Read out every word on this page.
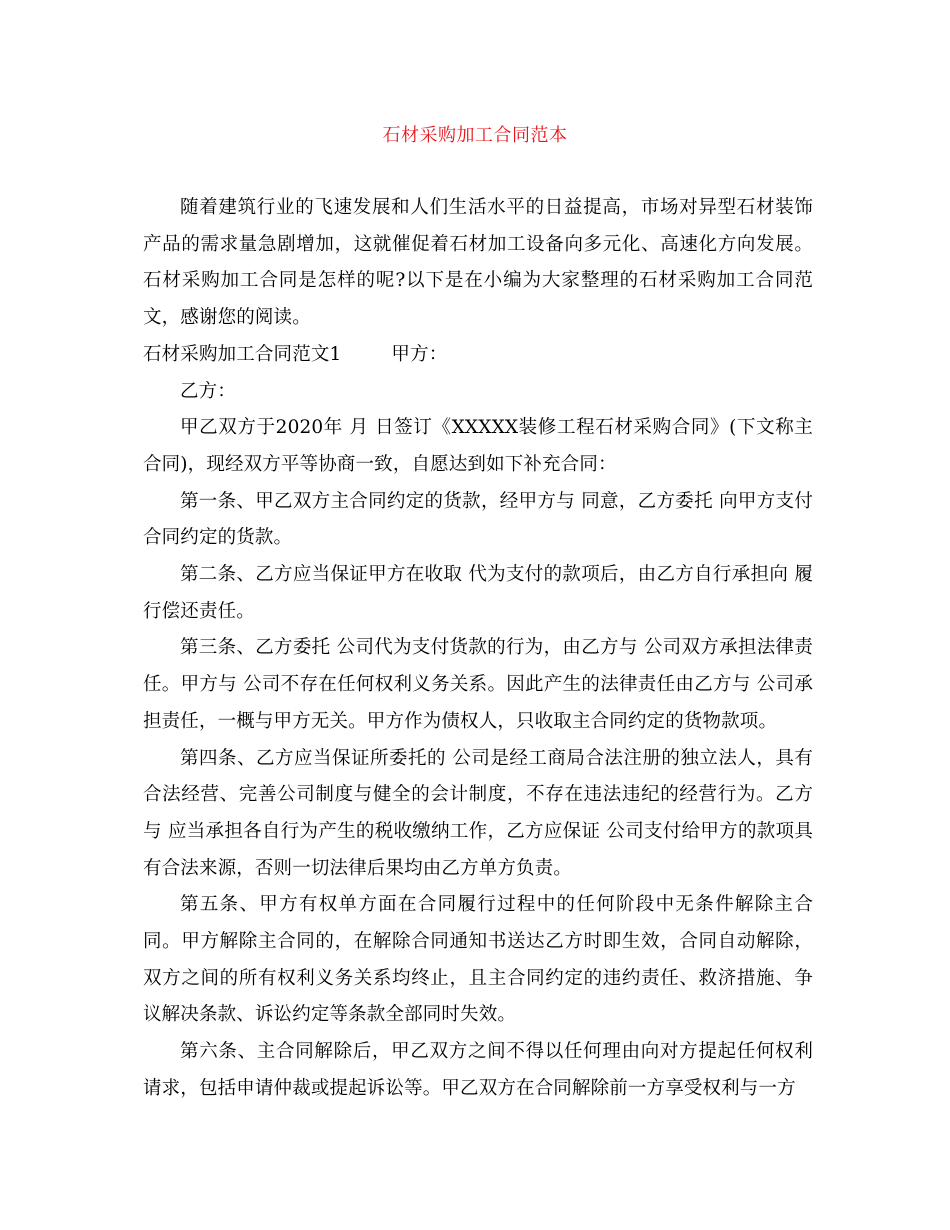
石材采购加工合同范本

随着建筑行业的飞速发展和人们生活水平的日益提高，市场对异型石材装饰产品的需求量急剧增加，这就催促着石材加工设备向多元化、高速化方向发展。石材采购加工合同是怎样的呢?以下是在小编为大家整理的石材采购加工合同范文，感谢您的阅读。

石材采购加工合同范文1	甲方：

乙方：

甲乙双方于2020年 月 日签订《XXXXX装修工程石材采购合同》(下文称主合同)，现经双方平等协商一致，自愿达到如下补充合同：

第一条、甲乙双方主合同约定的货款，经甲方与 同意，乙方委托 向甲方支付合同约定的货款。

第二条、乙方应当保证甲方在收取 代为支付的款项后，由乙方自行承担向 履行偿还责任。

第三条、乙方委托 公司代为支付货款的行为，由乙方与 公司双方承担法律责任。甲方与 公司不存在任何权利义务关系。因此产生的法律责任由乙方与 公司承担责任，一概与甲方无关。甲方作为债权人，只收取主合同约定的货物款项。

第四条、乙方应当保证所委托的 公司是经工商局合法注册的独立法人，具有合法经营、完善公司制度与健全的会计制度，不存在违法违纪的经营行为。乙方与 应当承担各自行为产生的税收缴纳工作，乙方应保证 公司支付给甲方的款项具有合法来源，否则一切法律后果均由乙方单方负责。

第五条、甲方有权单方面在合同履行过程中的任何阶段中无条件解除主合同。甲方解除主合同的，在解除合同通知书送达乙方时即生效，合同自动解除，双方之间的所有权利义务关系均终止，且主合同约定的违约责任、救济措施、争议解决条款、诉讼约定等条款全部同时失效。

第六条、主合同解除后，甲乙双方之间不得以任何理由向对方提起任何权利请求，包括申请仲裁或提起诉讼等。甲乙双方在合同解除前一方享受权利与一方
